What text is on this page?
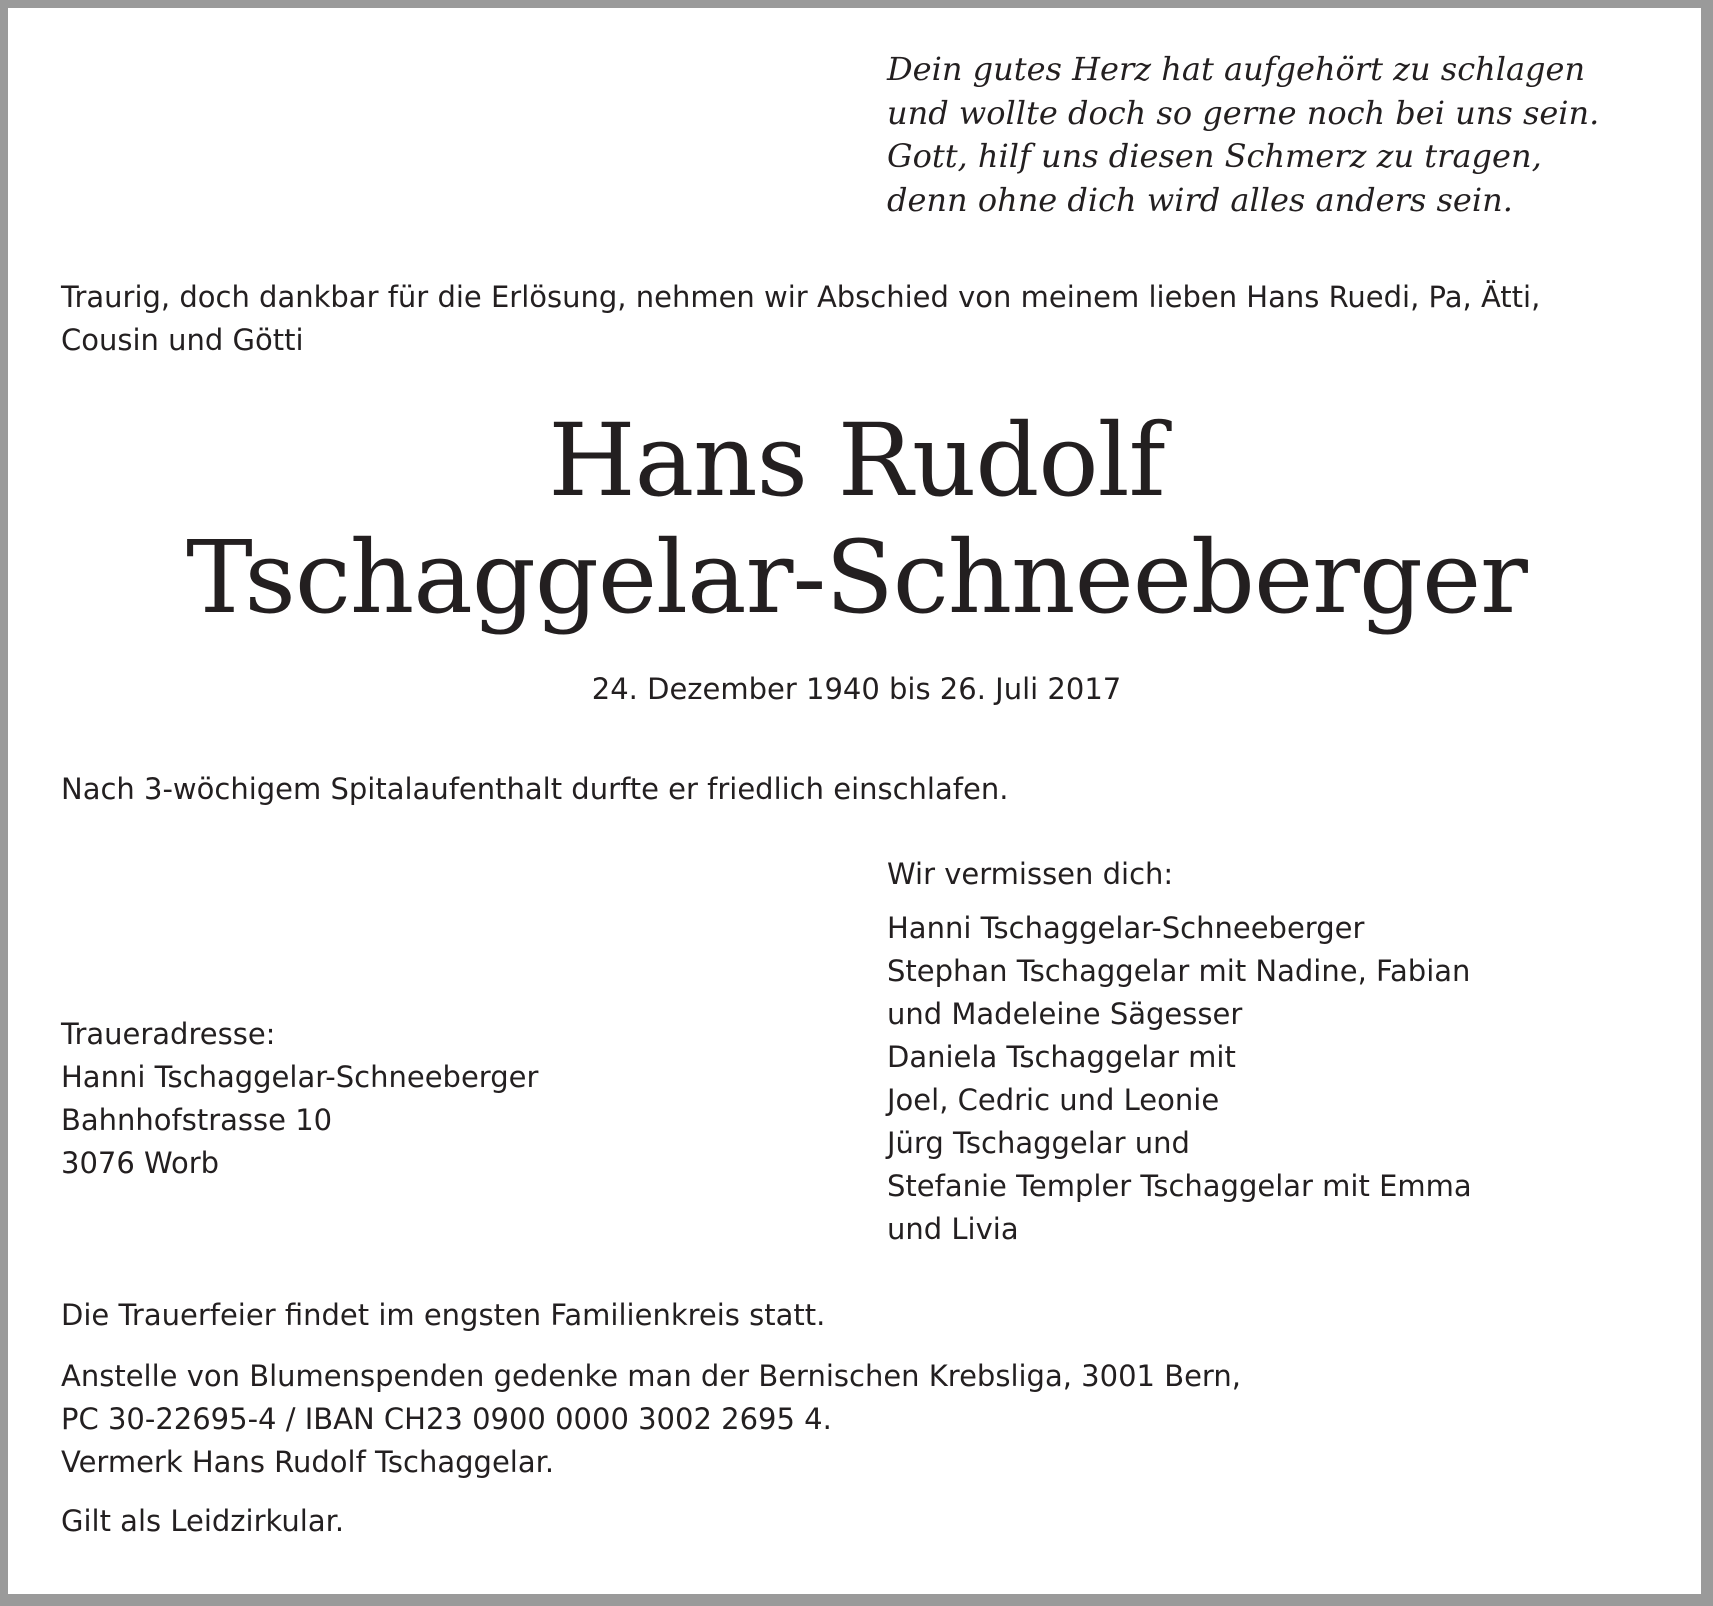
Dein gutes Herz hat aufgehört zu schlagen
und wollte doch so gerne noch bei uns sein.
Gott, hilf uns diesen Schmerz zu tragen,
denn ohne dich wird alles anders sein.
Traurig, doch dankbar für die Erlösung, nehmen wir Abschied von meinem lieben Hans Ruedi, Pa, Ätti,
Cousin und Götti
Hans Rudolf
Tschaggelar-Schneeberger
24. Dezember 1940 bis 26. Juli 2017
Nach 3-wöchigem Spitalaufenthalt durfte er friedlich einschlafen.
Wir vermissen dich:
Hanni Tschaggelar-Schneeberger
Stephan Tschaggelar mit Nadine, Fabian
und Madeleine Sägesser
Daniela Tschaggelar mit
Joel, Cedric und Leonie
Jürg Tschaggelar und
Stefanie Templer Tschaggelar mit Emma
und Livia
Traueradresse:
Hanni Tschaggelar-Schneeberger
Bahnhofstrasse 10
3076 Worb
Die Trauerfeier findet im engsten Familienkreis statt.
Anstelle von Blumenspenden gedenke man der Bernischen Krebsliga, 3001 Bern,
PC 30-22695-4 / IBAN CH23 0900 0000 3002 2695 4.
Vermerk Hans Rudolf Tschaggelar.
Gilt als Leidzirkular.
